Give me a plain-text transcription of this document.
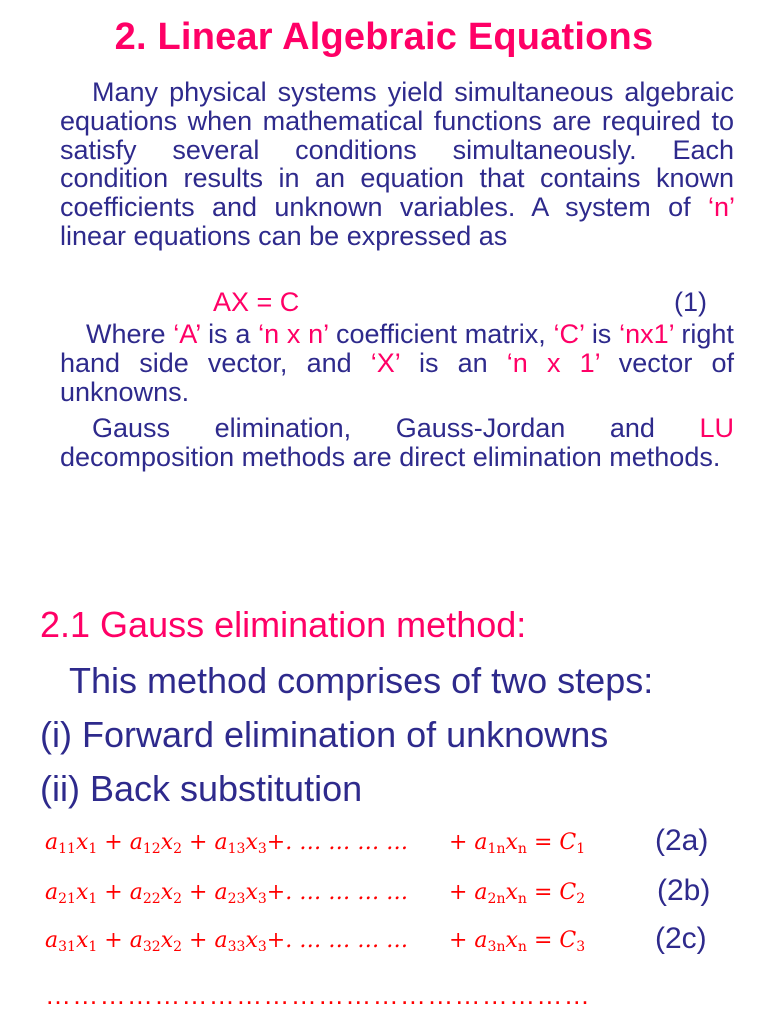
2. Linear Algebraic Equations

Many physical systems yield simultaneous algebraic equations when mathematical functions are required to satisfy several conditions simultaneously. Each condition results in an equation that contains known coefficients and unknown variables. A system of ‘n’ linear equations can be expressed as

AX = C	(1)

Where ‘A’ is a ‘n x n’ coefficient matrix, ‘C’ is ‘nx1’ right hand side vector, and ‘X’ is an ‘n x 1’ vector of unknowns.

Gauss elimination, Gauss-Jordan and LU decomposition methods are direct elimination methods.

2.1 Gauss elimination method:
This method comprises of two steps:
(i) Forward elimination of unknowns
(ii) Back substitution
$a_{11}x_1 + a_{12}x_2 + a_{13}x_3+$. … … … … + $a_{1n}x_n = C_1$ (2a)
$a_{21}x_1 + a_{22}x_2 + a_{23}x_3+$. … … … … + $a_{2n}x_n = C_2$ (2b)
$a_{31}x_1 + a_{32}x_2 + a_{33}x_3+$. … … … … + $a_{3n}x_n = C_3$ (2c)
……………………………………………………
